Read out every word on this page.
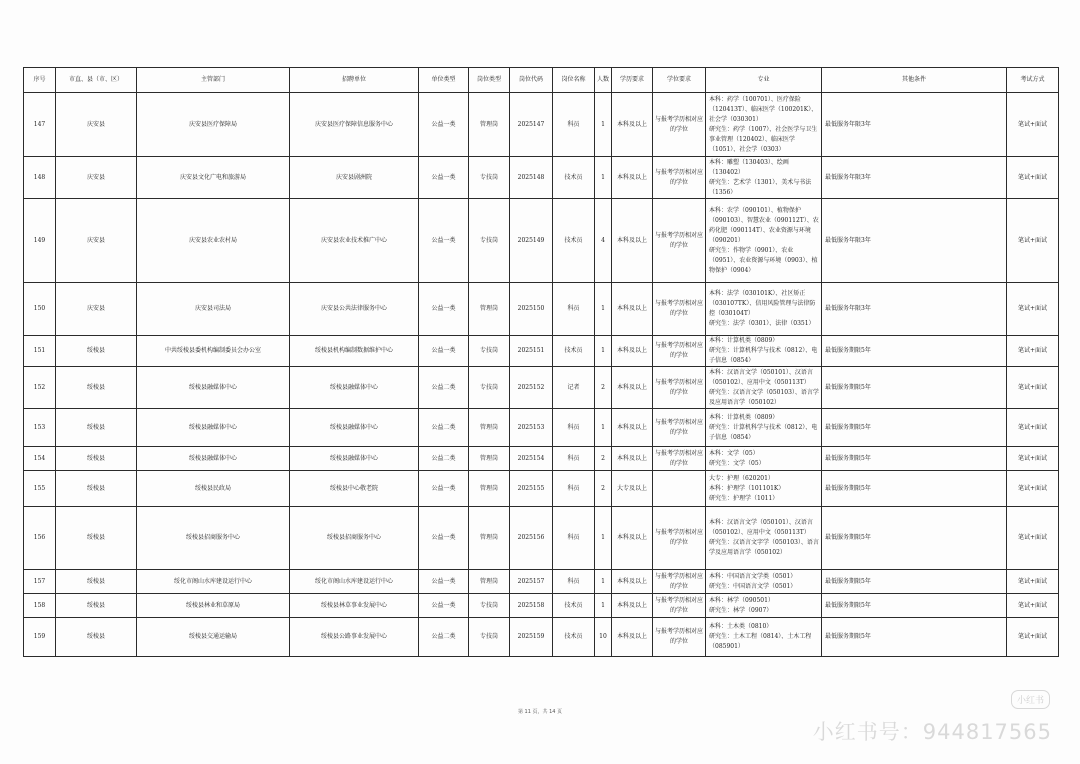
序号	市直、县（市、区）	主管部门	招聘单位	单位类型	岗位类型	岗位代码	岗位名称	人数	学历要求	学位要求	专业	其他条件	考试方式
147	庆安县	庆安县医疗保障局	庆安县医疗保障信息服务中心	公益一类	管理岗	2025147	科员	1	本科及以上	与报考学历相对应的学位	本科：药学（100701）、医疗保险（120413T）、临床医学（100201K）、社会学（030301）
研究生：药学（1007）、社会医学与卫生事业管理（120402）、临床医学（1051）、社会学（0303）	最低服务年限3年	笔试+面试
148	庆安县	庆安县文化广电和旅游局	庆安县剧洲院	公益一类	专技岗	2025148	技术员	1	本科及以上	与报考学历相对应的学位	本科：雕塑（130403）、绘画（130402）
研究生：艺术学（1301）、美术与书法（1356）	最低服务年限3年	笔试+面试
149	庆安县	庆安县农业农村局	庆安县农业技术推广中心	公益一类	专技岗	2025149	技术员	4	本科及以上	与报考学历相对应的学位	本科：农学（090101）、植物保护（090103）、智慧农业（090112T）、农药化肥（090114T）、农业资源与环境（090201）
研究生：作物学（0901）、农业（0951）、农业资源与环境（0903）、植物保护（0904）	最低服务年限3年	笔试+面试
150	庆安县	庆安县司法局	庆安县公共法律服务中心	公益一类	管理岗	2025150	科员	1	本科及以上	与报考学历相对应的学位	本科：法学（030101K）、社区矫正（030107TK）、信用风险管理与法律防控（030104T）
研究生：法学（0301）、法律（0351）	最低服务年限3年	笔试+面试
151	绥棱县	中共绥棱县委机构编制委员会办公室	绥棱县机构编制数据维护中心	公益一类	专技岗	2025151	技术员	1	本科及以上	与报考学历相对应的学位	本科：计算机类（0809）
研究生：计算机科学与技术（0812）、电子信息（0854）	最低服务期限5年	笔试+面试
152	绥棱县	绥棱县融媒体中心	绥棱县融媒体中心	公益二类	专技岗	2025152	记者	2	本科及以上	与报考学历相对应的学位	本科：汉语言文学（050101）、汉语言（050102）、应用中文（050113T）
研究生：汉语言文学（050103）、语言学及应用语言学（050102）	最低服务期限5年	笔试+面试
153	绥棱县	绥棱县融媒体中心	绥棱县融媒体中心	公益二类	管理岗	2025153	科员	1	本科及以上	与报考学历相对应的学位	本科：计算机类（0809）
研究生：计算机科学与技术（0812）、电子信息（0854）	最低服务期限5年	笔试+面试
154	绥棱县	绥棱县融媒体中心	绥棱县融媒体中心	公益二类	管理岗	2025154	科员	2	本科及以上	与报考学历相对应的学位	本科：文学（05）
研究生：文学（05）	最低服务期限5年	笔试+面试
155	绥棱县	绥棱县民政局	绥棱县中心敬老院	公益一类	管理岗	2025155	科员	2	大专及以上		大专：护理（620201）
本科：护理学（101101K）
研究生：护理学（1011）	最低服务期限5年	笔试+面试
156	绥棱县	绥棱县招商服务中心	绥棱县招商服务中心	公益一类	管理岗	2025156	科员	1	本科及以上	与报考学历相对应的学位	本科：汉语言文学（050101）、汉语言（050102）、应用中文（050113T）
研究生：汉语言文字学（050103）、语言学及应用语言学（050102）	最低服务期限5年	笔试+面试
157	绥棱县	绥化市阁山水库建设运行中心	绥化市阁山水库建设运行中心	公益一类	管理岗	2025157	科员	1	本科及以上	与报考学历相对应的学位	本科：中国语言文学类（0501）
研究生：中国语言文学（0501）	最低服务期限5年	笔试+面试
158	绥棱县	绥棱县林业和草原局	绥棱县林草事业发展中心	公益一类	专技岗	2025158	技术员	1	本科及以上	与报考学历相对应的学位	本科：林学（090501）
研究生：林学（0907）	最低服务期限5年	笔试+面试
159	绥棱县	绥棱县交通运输局	绥棱县公路事业发展中心	公益二类	专技岗	2025159	技术员	10	本科及以上	与报考学历相对应的学位	本科：土木类（0810）
研究生：土木工程（0814）、土木工程（085901）	最低服务期限5年	笔试+面试
第 11 页，共 14 页
小红书
小红书号：944817565
